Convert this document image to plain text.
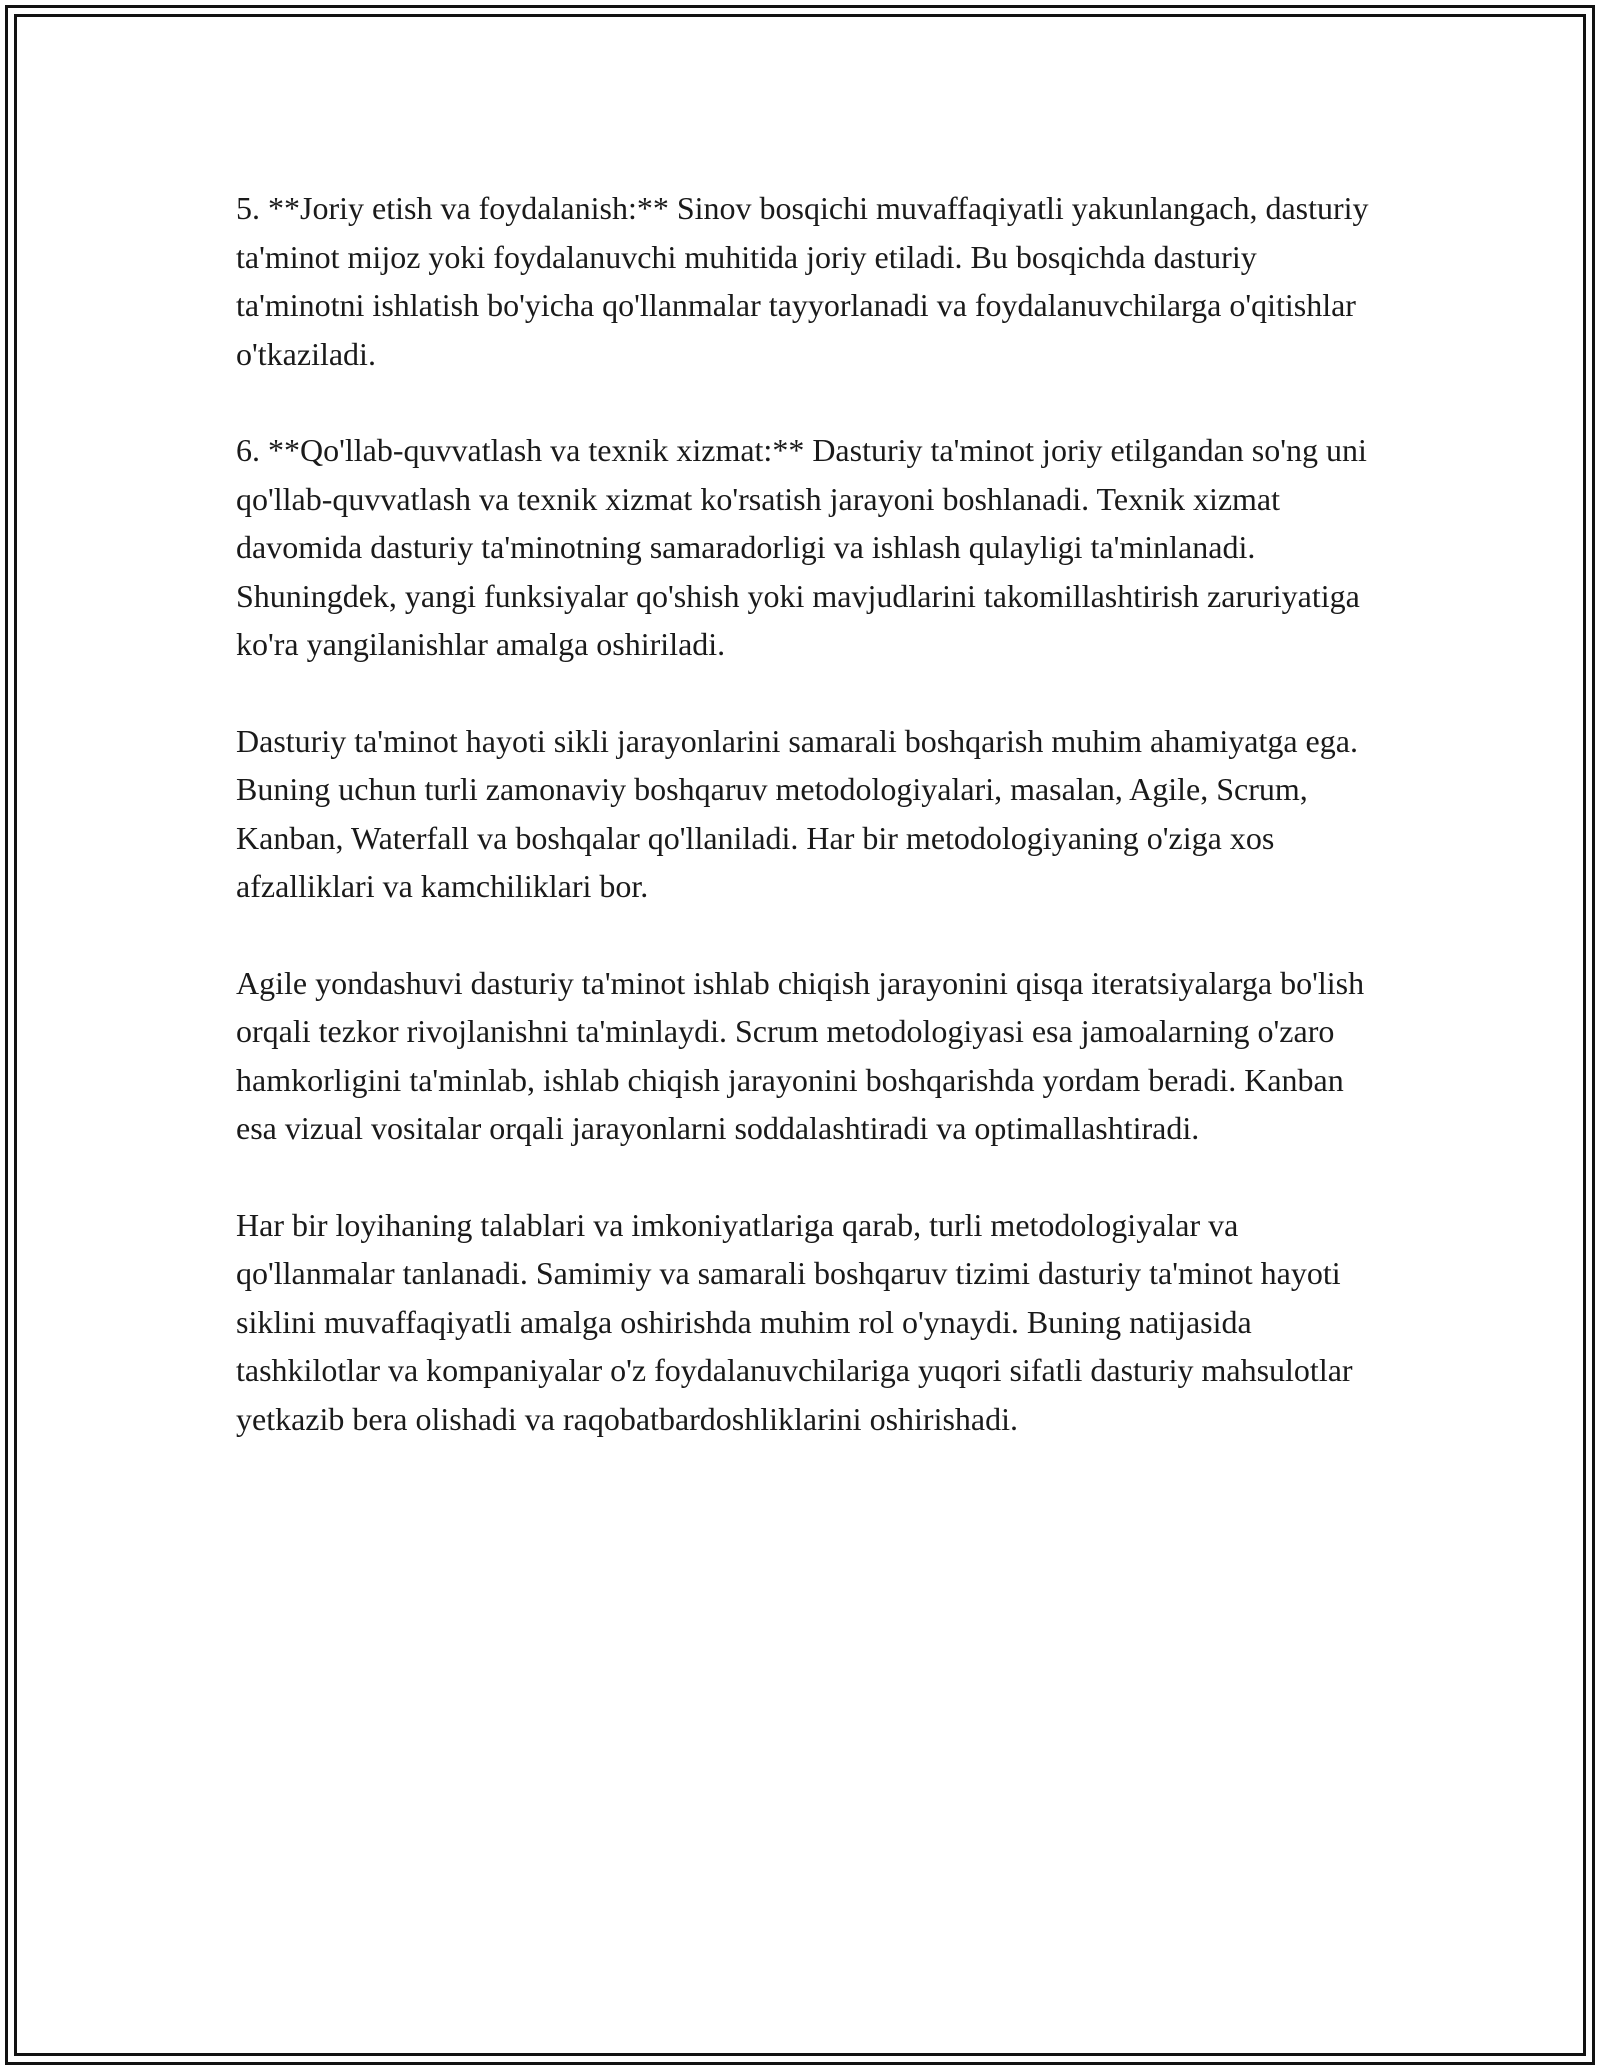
5. **Joriy etish va foydalanish:** Sinov bosqichi muvaffaqiyatli yakunlangach, dasturiy ta'minot mijoz yoki foydalanuvchi muhitida joriy etiladi. Bu bosqichda dasturiy ta'minotni ishlatish bo'yicha qo'llanmalar tayyorlanadi va foydalanuvchilarga o'qitishlar o'tkaziladi.

6. **Qo'llab-quvvatlash va texnik xizmat:** Dasturiy ta'minot joriy etilgandan so'ng uni qo'llab-quvvatlash va texnik xizmat ko'rsatish jarayoni boshlanadi. Texnik xizmat davomida dasturiy ta'minotning samaradorligi va ishlash qulayligi ta'minlanadi. Shuningdek, yangi funksiyalar qo'shish yoki mavjudlarini takomillashtirish zaruriyatiga ko'ra yangilanishlar amalga oshiriladi.

Dasturiy ta'minot hayoti sikli jarayonlarini samarali boshqarish muhim ahamiyatga ega. Buning uchun turli zamonaviy boshqaruv metodologiyalari, masalan, Agile, Scrum, Kanban, Waterfall va boshqalar qo'llaniladi. Har bir metodologiyaning o'ziga xos afzalliklari va kamchiliklari bor.

Agile yondashuvi dasturiy ta'minot ishlab chiqish jarayonini qisqa iteratsiyalarga bo'lish orqali tezkor rivojlanishni ta'minlaydi. Scrum metodologiyasi esa jamoalarning o'zaro hamkorligini ta'minlab, ishlab chiqish jarayonini boshqarishda yordam beradi. Kanban esa vizual vositalar orqali jarayonlarni soddalashtiradi va optimallashtiradi.

Har bir loyihaning talablari va imkoniyatlariga qarab, turli metodologiyalar va qo'llanmalar tanlanadi. Samimiy va samarali boshqaruv tizimi dasturiy ta'minot hayoti siklini muvaffaqiyatli amalga oshirishda muhim rol o'ynaydi. Buning natijasida tashkilotlar va kompaniyalar o'z foydalanuvchilariga yuqori sifatli dasturiy mahsulotlar yetkazib bera olishadi va raqobatbardoshliklarini oshirishadi.
